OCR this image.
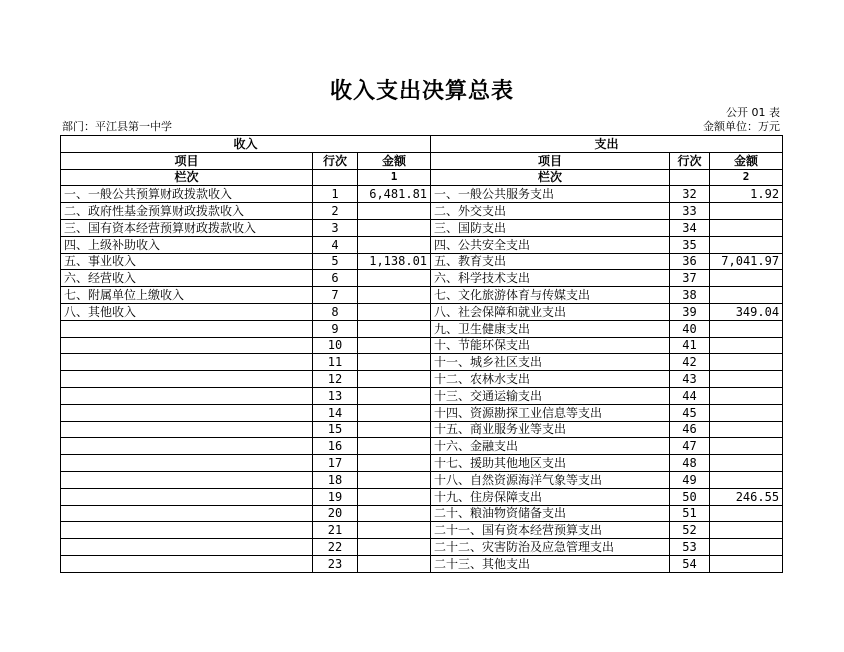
收入支出决算总表
公开 01 表
部门：平江县第一中学	金额单位：万元
收入			支出		
项目	行次	金额	项目	行次	金额
栏次		1	栏次		2
一、一般公共预算财政拨款收入	1	6,481.81	一、一般公共服务支出	32	1.92
二、政府性基金预算财政拨款收入	2		二、外交支出	33	
三、国有资本经营预算财政拨款收入	3		三、国防支出	34	
四、上级补助收入	4		四、公共安全支出	35	
五、事业收入	5	1,138.01	五、教育支出	36	7,041.97
六、经营收入	6		六、科学技术支出	37	
七、附属单位上缴收入	7		七、文化旅游体育与传媒支出	38	
八、其他收入	8		八、社会保障和就业支出	39	349.04
	9		九、卫生健康支出	40	
	10		十、节能环保支出	41	
	11		十一、城乡社区支出	42	
	12		十二、农林水支出	43	
	13		十三、交通运输支出	44	
	14		十四、资源勘探工业信息等支出	45	
	15		十五、商业服务业等支出	46	
	16		十六、金融支出	47	
	17		十七、援助其他地区支出	48	
	18		十八、自然资源海洋气象等支出	49	
	19		十九、住房保障支出	50	246.55
	20		二十、粮油物资储备支出	51	
	21		二十一、国有资本经营预算支出	52	
	22		二十二、灾害防治及应急管理支出	53	
	23		二十三、其他支出	54	
